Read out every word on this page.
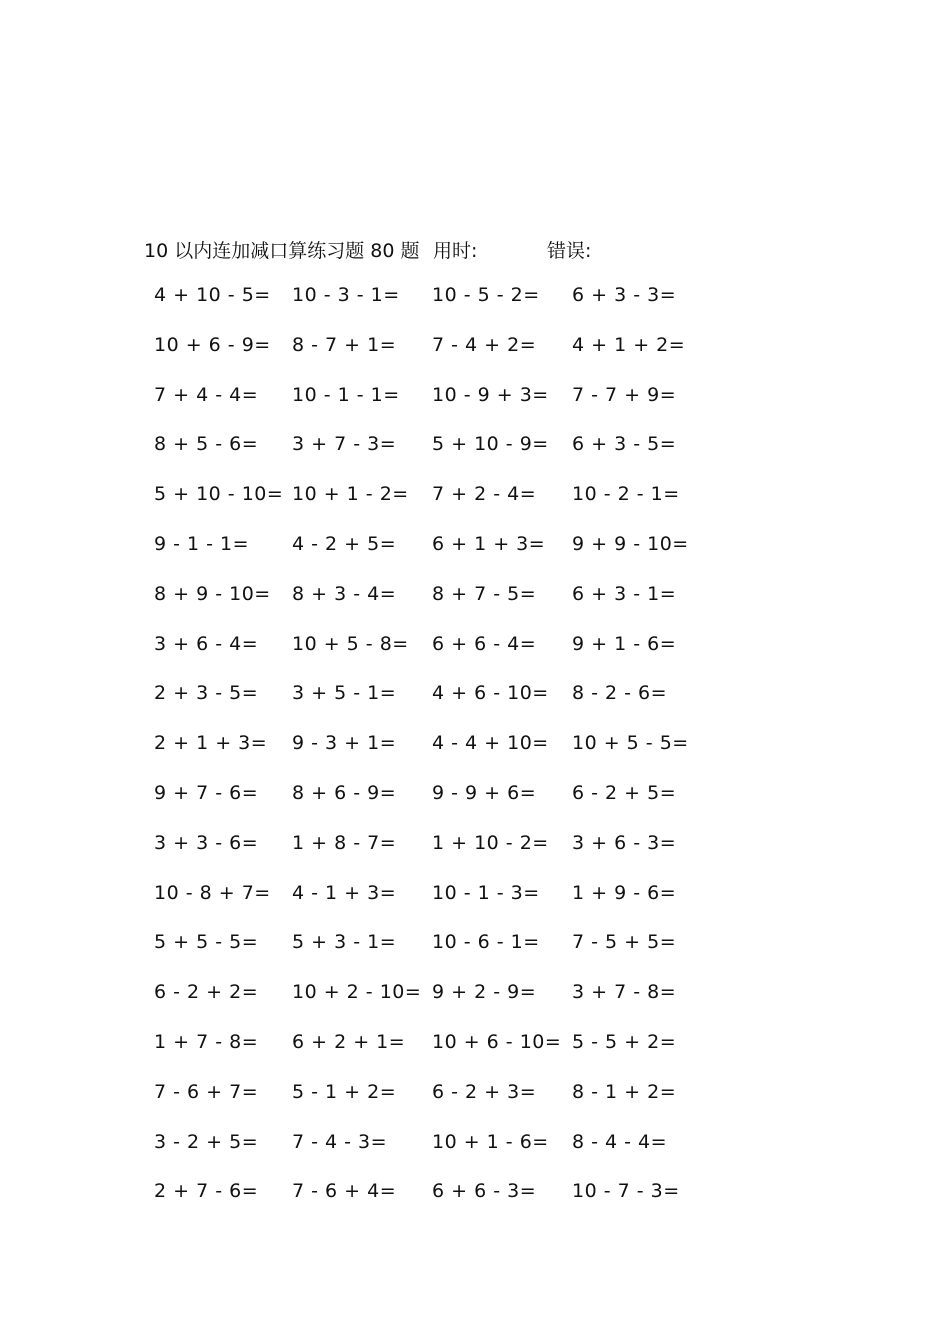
10 以内连加减口算练习题 80 题 用时:	错误:
4 + 10 - 5= 10 - 3 - 1= 10 - 5 - 2= 6 + 3 - 3=
10 + 6 - 9= 8 - 7 + 1= 7 - 4 + 2= 4 + 1 + 2=
7 + 4 - 4= 10 - 1 - 1= 10 - 9 + 3= 7 - 7 + 9=
8 + 5 - 6= 3 + 7 - 3= 5 + 10 - 9= 6 + 3 - 5=
5 + 10 - 10= 10 + 1 - 2= 7 + 2 - 4= 10 - 2 - 1=
9 - 1 - 1= 4 - 2 + 5= 6 + 1 + 3= 9 + 9 - 10=
8 + 9 - 10= 8 + 3 - 4= 8 + 7 - 5= 6 + 3 - 1=
3 + 6 - 4= 10 + 5 - 8= 6 + 6 - 4= 9 + 1 - 6=
2 + 3 - 5= 3 + 5 - 1= 4 + 6 - 10= 8 - 2 - 6=
2 + 1 + 3= 9 - 3 + 1= 4 - 4 + 10= 10 + 5 - 5=
9 + 7 - 6= 8 + 6 - 9= 9 - 9 + 6= 6 - 2 + 5=
3 + 3 - 6= 1 + 8 - 7= 1 + 10 - 2= 3 + 6 - 3=
10 - 8 + 7= 4 - 1 + 3= 10 - 1 - 3= 1 + 9 - 6=
5 + 5 - 5= 5 + 3 - 1= 10 - 6 - 1= 7 - 5 + 5=
6 - 2 + 2= 10 + 2 - 10= 9 + 2 - 9= 3 + 7 - 8=
1 + 7 - 8= 6 + 2 + 1= 10 + 6 - 10= 5 - 5 + 2=
7 - 6 + 7= 5 - 1 + 2= 6 - 2 + 3= 8 - 1 + 2=
3 - 2 + 5= 7 - 4 - 3= 10 + 1 - 6= 8 - 4 - 4=
2 + 7 - 6= 7 - 6 + 4= 6 + 6 - 3= 10 - 7 - 3=
